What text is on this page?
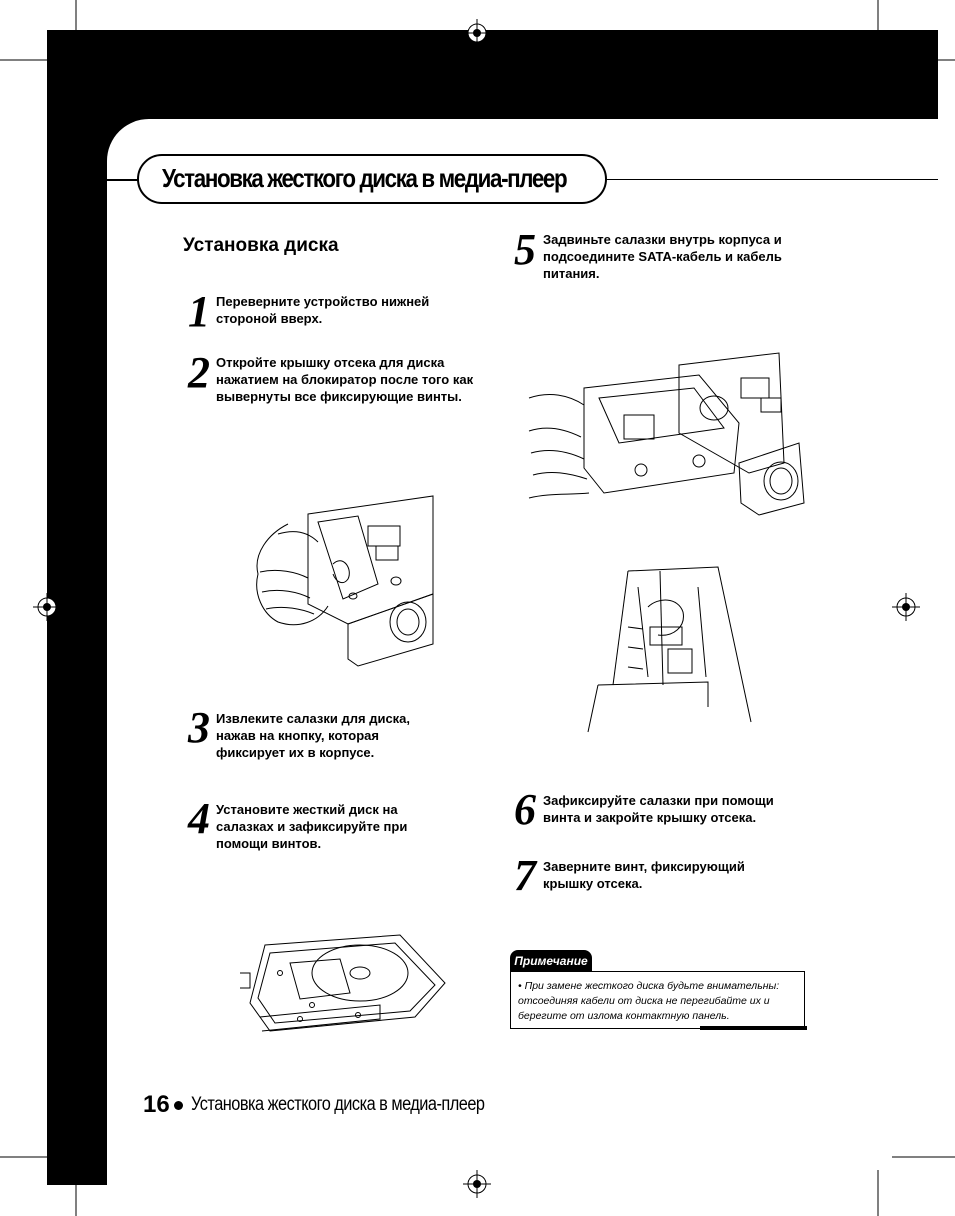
Установка жесткого диска в медиа-плеер
Установка диска
1 Переверните устройство нижней стороной вверх.
2 Откройте крышку отсека для диска нажатием на блокиратор после того как вывернуты все фиксирующие винты.
3 Извлеките салазки для диска, нажав на кнопку, которая фиксирует их в корпусе.
4 Установите жесткий диск на салазках и зафиксируйте при помощи винтов.
5 Задвиньте салазки внутрь корпуса и подсоедините SATA-кабель и кабель питания.
6 Зафиксируйте салазки при помощи винта и закройте крышку отсека.
7 Заверните винт, фиксирующий крышку отсека.
Примечание
• При замене жесткого диска будьте внимательны: отсоединяя кабели от диска не перегибайте их и берегите от излома контактную панель.
16 Установка жесткого диска в медиа-плеер
